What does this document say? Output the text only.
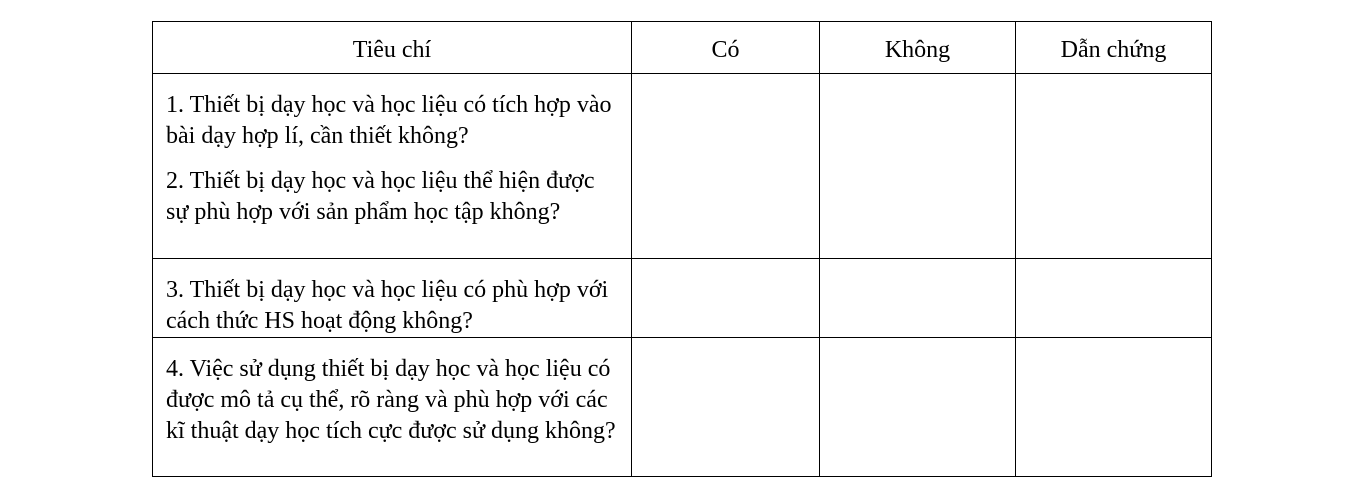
Tiêu chí	Có	Không	Dẫn chứng

1. Thiết bị dạy học và học liệu có tích hợp vào bài dạy hợp lí, cần thiết không?
2. Thiết bị dạy học và học liệu thể hiện được sự phù hợp với sản phẩm học tập không?			

3. Thiết bị dạy học và học liệu có phù hợp với cách thức HS hoạt động không?			

4. Việc sử dụng thiết bị dạy học và học liệu có được mô tả cụ thể, rõ ràng và phù hợp với các kĩ thuật dạy học tích cực được sử dụng không?			
